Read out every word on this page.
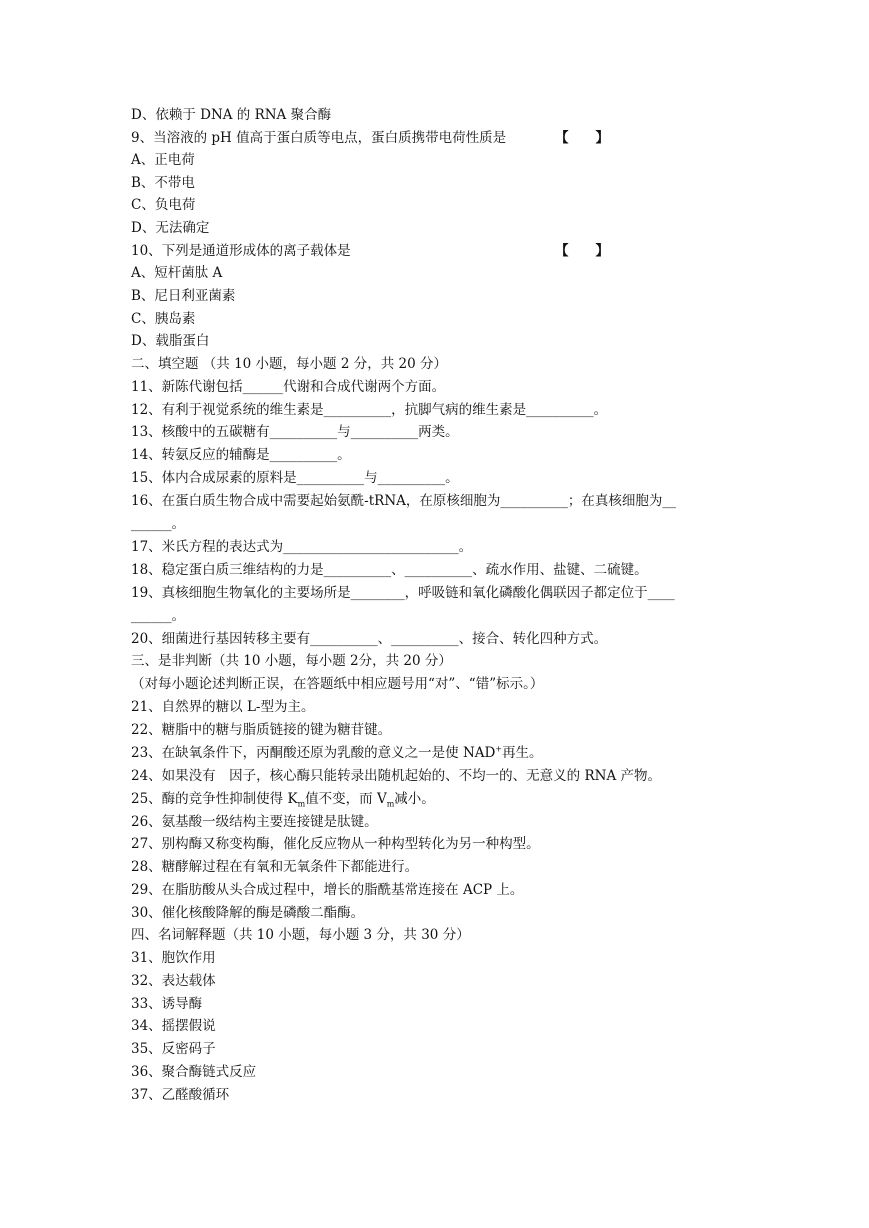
D、依赖于 DNA 的 RNA 聚合酶
9、当溶液的 pH 值高于蛋白质等电点，蛋白质携带电荷性质是	【　　】
A、正电荷
B、不带电
C、负电荷
D、无法确定
10、下列是通道形成体的离子载体是	【　　】
A、短杆菌肽 A
B、尼日利亚菌素
C、胰岛素
D、载脂蛋白
二、填空题 （共 10 小题，每小题 2 分，共 20 分）
11、新陈代谢包括______代谢和合成代谢两个方面。
12、有利于视觉系统的维生素是__________，抗脚气病的维生素是__________。
13、核酸中的五碳糖有__________与__________两类。
14、转氨反应的辅酶是__________。
15、体内合成尿素的原料是__________与__________。
16、在蛋白质生物合成中需要起始氨酰-tRNA，在原核细胞为__________；在真核细胞为__
______。
17、米氏方程的表达式为__________________________。
18、稳定蛋白质三维结构的力是__________、__________、疏水作用、盐键、二硫键。
19、真核细胞生物氧化的主要场所是________，呼吸链和氧化磷酸化偶联因子都定位于____
______。
20、细菌进行基因转移主要有__________、__________、接合、转化四种方式。
三、是非判断（共 10 小题，每小题 2分，共 20 分）
（对每小题论述判断正误，在答题纸中相应题号用“对”、“错”标示。）
21、自然界的糖以 L-型为主。
22、糖脂中的糖与脂质链接的键为糖苷键。
23、在缺氧条件下，丙酮酸还原为乳酸的意义之一是使 NAD+再生。
24、如果没有　因子，核心酶只能转录出随机起始的、不均一的、无意义的 RNA 产物。
25、酶的竞争性抑制使得 $K_m$值不变，而 $V_m$减小。
26、氨基酸一级结构主要连接键是肽键。
27、别构酶又称变构酶，催化反应物从一种构型转化为另一种构型。
28、糖酵解过程在有氧和无氧条件下都能进行。
29、在脂肪酸从头合成过程中，增长的脂酰基常连接在 ACP 上。
30、催化核酸降解的酶是磷酸二酯酶。
四、名词解释题（共 10 小题，每小题 3 分，共 30 分）
31、胞饮作用
32、表达载体
33、诱导酶
34、摇摆假说
35、反密码子
36、聚合酶链式反应
37、乙醛酸循环
